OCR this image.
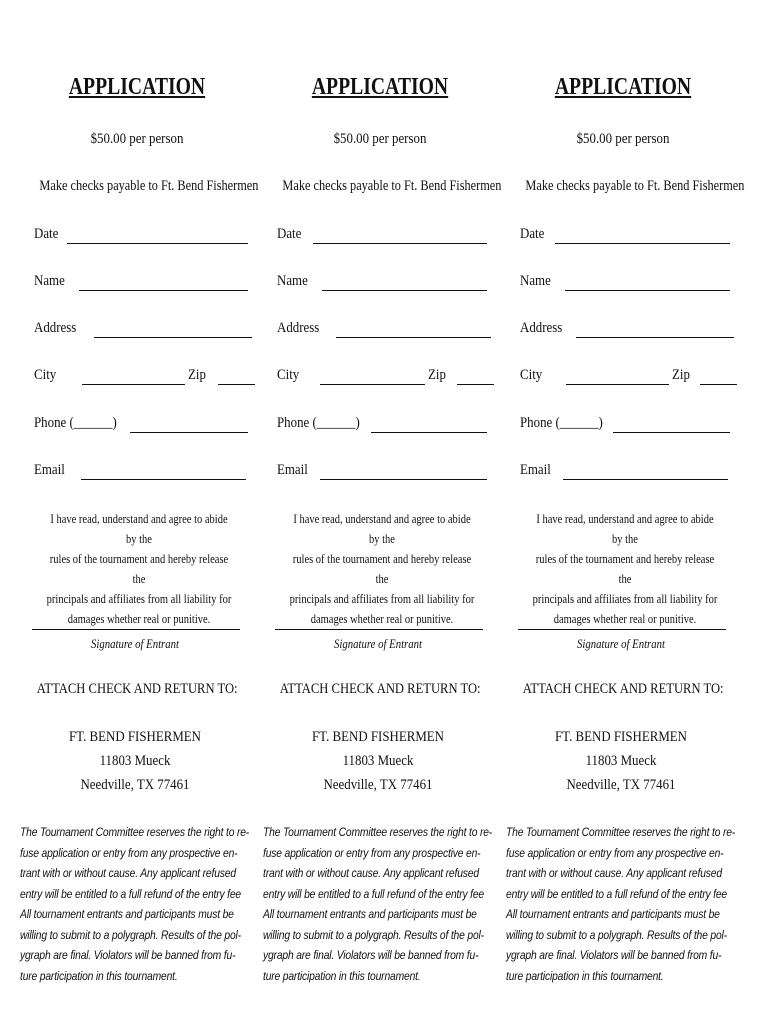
APPLICATION
$50.00 per person
Make checks payable to Ft. Bend Fishermen
Date
Name
Address
City	Zip
Phone (______)
Email
I have read, understand and agree to abide by the
rules of the tournament and hereby release the
principals and affiliates from all liability for
damages whether real or punitive.
Signature of Entrant
ATTACH CHECK AND RETURN TO:
FT. BEND FISHERMEN
11803 Mueck
Needville, TX 77461
The Tournament Committee reserves the right to re-
fuse application or entry from any prospective en-
trant with or without cause. Any applicant refused
entry will be entitled to a full refund of the entry fee
All tournament entrants and participants must be
willing to submit to a polygraph. Results of the pol-
ygraph are final. Violators will be banned from fu-
ture participation in this tournament.
APPLICATION
$50.00 per person
Make checks payable to Ft. Bend Fishermen
Date
Name
Address
City	Zip
Phone (______)
Email
I have read, understand and agree to abide by the
rules of the tournament and hereby release the
principals and affiliates from all liability for
damages whether real or punitive.
Signature of Entrant
ATTACH CHECK AND RETURN TO:
FT. BEND FISHERMEN
11803 Mueck
Needville, TX 77461
The Tournament Committee reserves the right to re-
fuse application or entry from any prospective en-
trant with or without cause. Any applicant refused
entry will be entitled to a full refund of the entry fee
All tournament entrants and participants must be
willing to submit to a polygraph. Results of the pol-
ygraph are final. Violators will be banned from fu-
ture participation in this tournament.
APPLICATION
$50.00 per person
Make checks payable to Ft. Bend Fishermen
Date
Name
Address
City	Zip
Phone (______)
Email
I have read, understand and agree to abide by the
rules of the tournament and hereby release the
principals and affiliates from all liability for
damages whether real or punitive.
Signature of Entrant
ATTACH CHECK AND RETURN TO:
FT. BEND FISHERMEN
11803 Mueck
Needville, TX 77461
The Tournament Committee reserves the right to re-
fuse application or entry from any prospective en-
trant with or without cause. Any applicant refused
entry will be entitled to a full refund of the entry fee
All tournament entrants and participants must be
willing to submit to a polygraph. Results of the pol-
ygraph are final. Violators will be banned from fu-
ture participation in this tournament.
